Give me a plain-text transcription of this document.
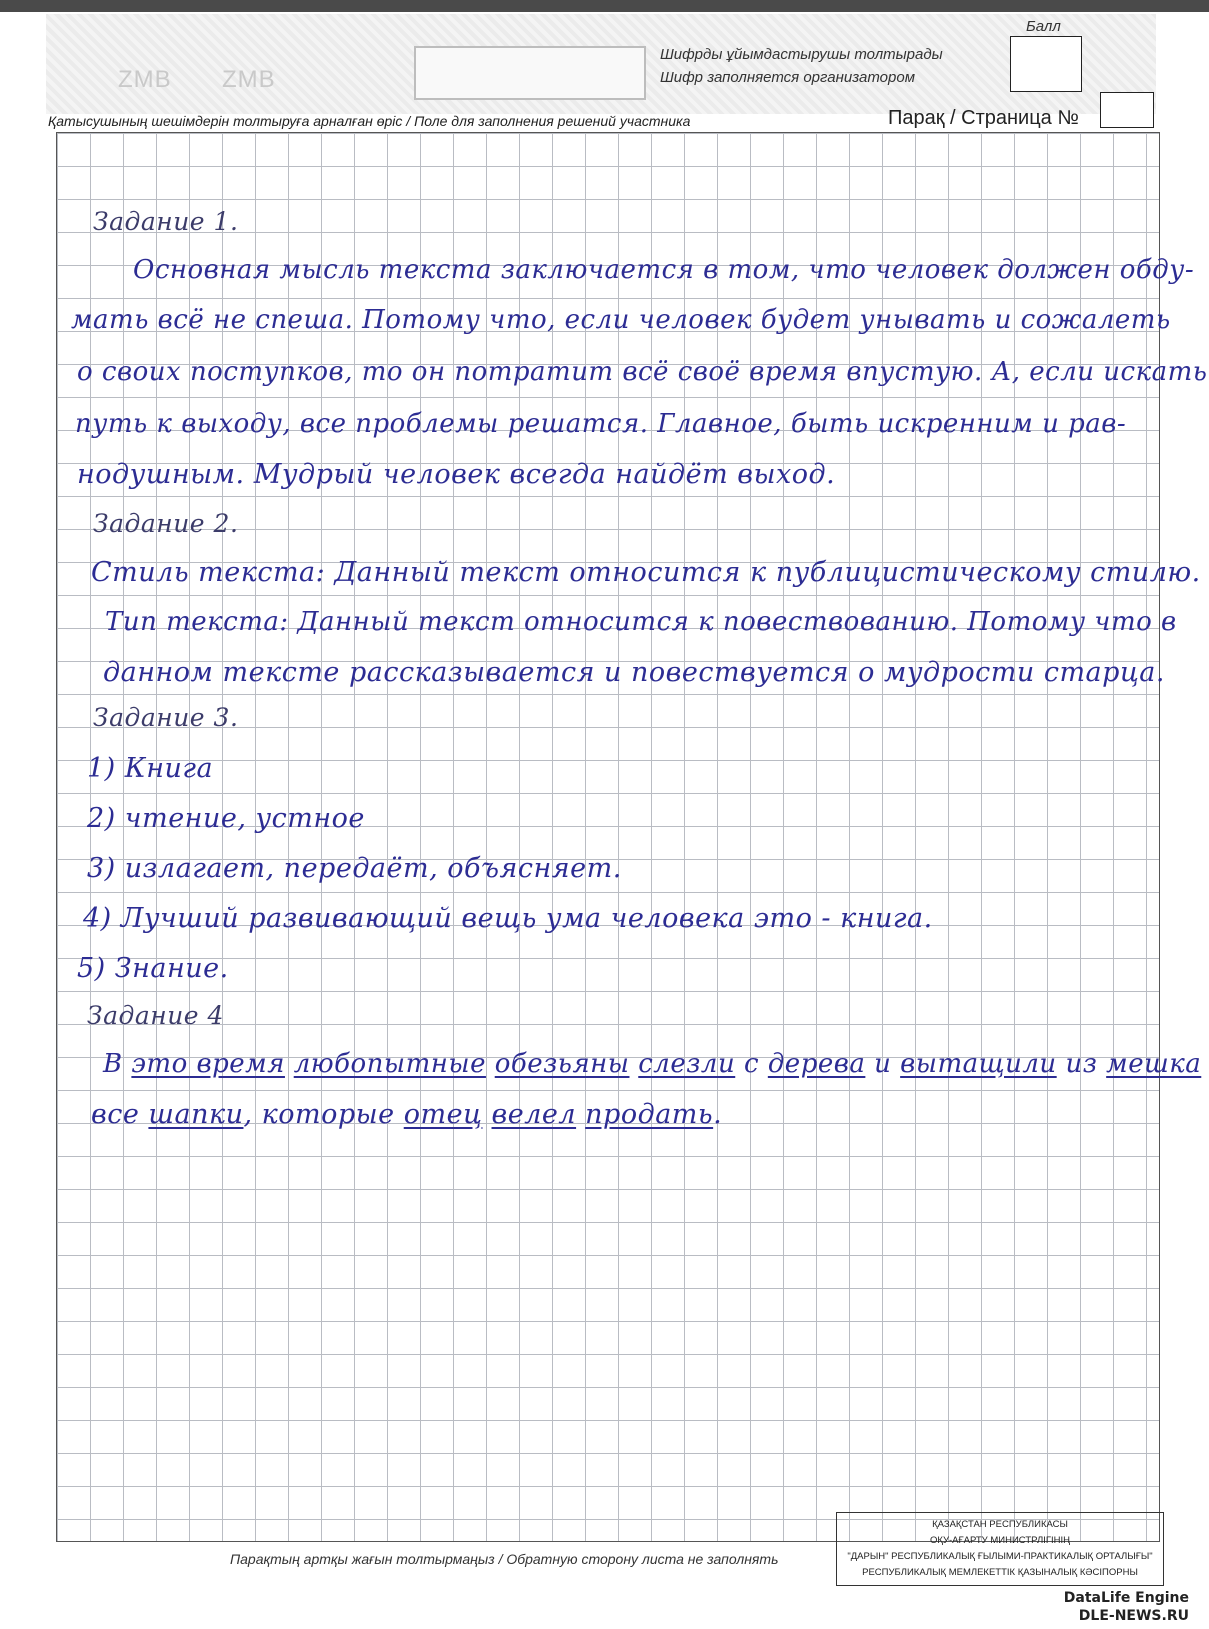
ZMB ZMB
Шифрды ұйымдастырушы толтырады
Шифр заполняется организатором
Балл
Қатысушының шешімдерін толтыруға арналған өріс / Поле для заполнения решений участника	Парақ / Страница №
Задание 1.
Основная мысль текста заключается в том, что человек должен обду-
мать всё не спеша. Потому что, если человек будет унывать и сожалеть
о своих поступков, то он потратит всё своё время впустую. А, если искать
путь к выходу, все проблемы решатся. Главное, быть искренним и рав-
нодушным. Мудрый человек всегда найдёт выход.
Задание 2.
Стиль текста: Данный текст относится к публицистическому стилю.
Тип текста: Данный текст относится к повествованию. Потому что в
данном тексте рассказывается и повествуется о мудрости старца.
Задание 3.
1) Книга
2) чтение, устное
3) излагает, передаёт, объясняет.
4) Лучший развивающий вещь ума человека это - книга.
5) Знание.
Задание 4
В это время любопытные обезьяны слезли с дерева и вытащили из мешка
все шапки, которые отец велел продать.
Парақтың артқы жағын толтырмаңыз / Обратную сторону листа не заполнять
ҚАЗАҚСТАН РЕСПУБЛИКАСЫ
ОҚУ-АҒАРТУ МИНИСТРЛІГІНІҢ
"ДАРЫН" РЕСПУБЛИКАЛЫҚ ҒЫЛЫМИ-ПРАКТИКАЛЫҚ ОРТАЛЫҒЫ"
РЕСПУБЛИКАЛЫҚ МЕМЛЕКЕТТІК ҚАЗЫНАЛЫҚ КӘСІПОРНЫ
DataLife Engine
DLE-NEWS.RU
